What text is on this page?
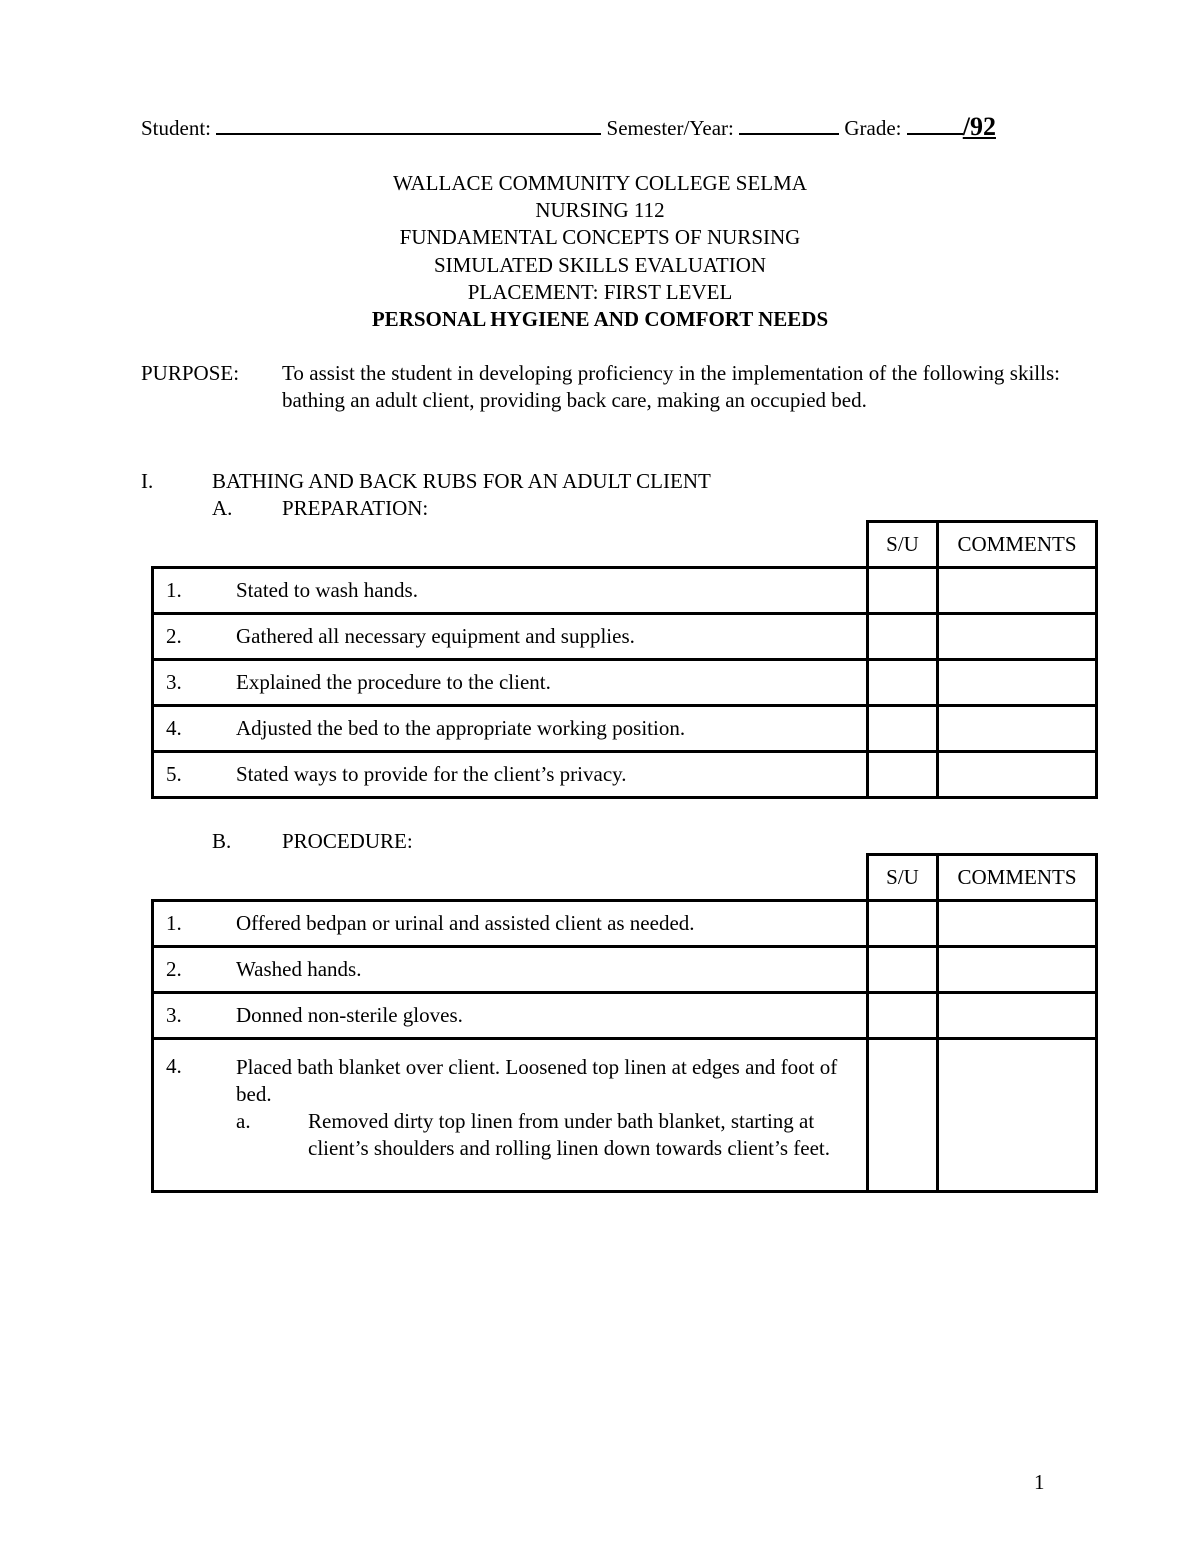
Student:	Semester/Year:	Grade: /92
WALLACE COMMUNITY COLLEGE SELMA
NURSING 112
FUNDAMENTAL CONCEPTS OF NURSING
SIMULATED SKILLS EVALUATION
PLACEMENT: FIRST LEVEL
PERSONAL HYGIENE AND COMFORT NEEDS
PURPOSE: To assist the student in developing proficiency in the implementation of the following skills: bathing an adult client, providing back care, making an occupied bed.
I.	BATHING AND BACK RUBS FOR AN ADULT CLIENT
A. PREPARATION:
	S/U	COMMENTS
1. Stated to wash hands.		
2. Gathered all necessary equipment and supplies.		
3. Explained the procedure to the client.		
4. Adjusted the bed to the appropriate working position.		
5. Stated ways to provide for the client’s privacy.		
B. PROCEDURE:
	S/U	COMMENTS
1. Offered bedpan or urinal and assisted client as needed.		
2. Washed hands.		
3. Donned non-sterile gloves.		

4. Placed bath blanket over client. Loosened top linen at edges and foot of bed.
a. Removed dirty top linen from under bath blanket, starting at client’s shoulders and rolling linen down towards client’s feet.		

1
